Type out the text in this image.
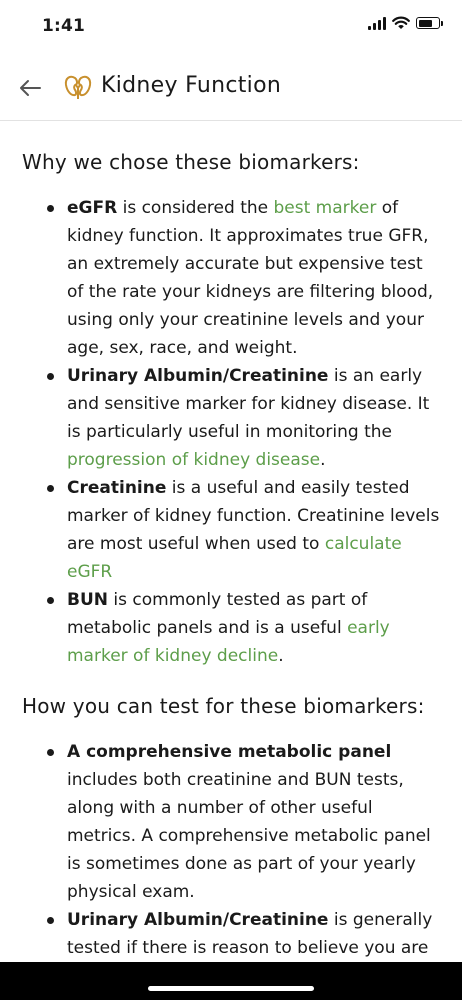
1:41
Kidney Function
Why we chose these biomarkers:
eGFR is considered the best marker of kidney function. It approximates true GFR, an extremely accurate but expensive test of the rate your kidneys are filtering blood, using only your creatinine levels and your age, sex, race, and weight.
Urinary Albumin/Creatinine is an early and sensitive marker for kidney disease. It is particularly useful in monitoring the progression of kidney disease.
Creatinine is a useful and easily tested marker of kidney function. Creatinine levels are most useful when used to calculate eGFR
BUN is commonly tested as part of metabolic panels and is a useful early marker of kidney decline.
How you can test for these biomarkers:
A comprehensive metabolic panel includes both creatinine and BUN tests, along with a number of other useful metrics. A comprehensive metabolic panel is sometimes done as part of your yearly physical exam.
Urinary Albumin/Creatinine is generally tested if there is reason to believe you are
